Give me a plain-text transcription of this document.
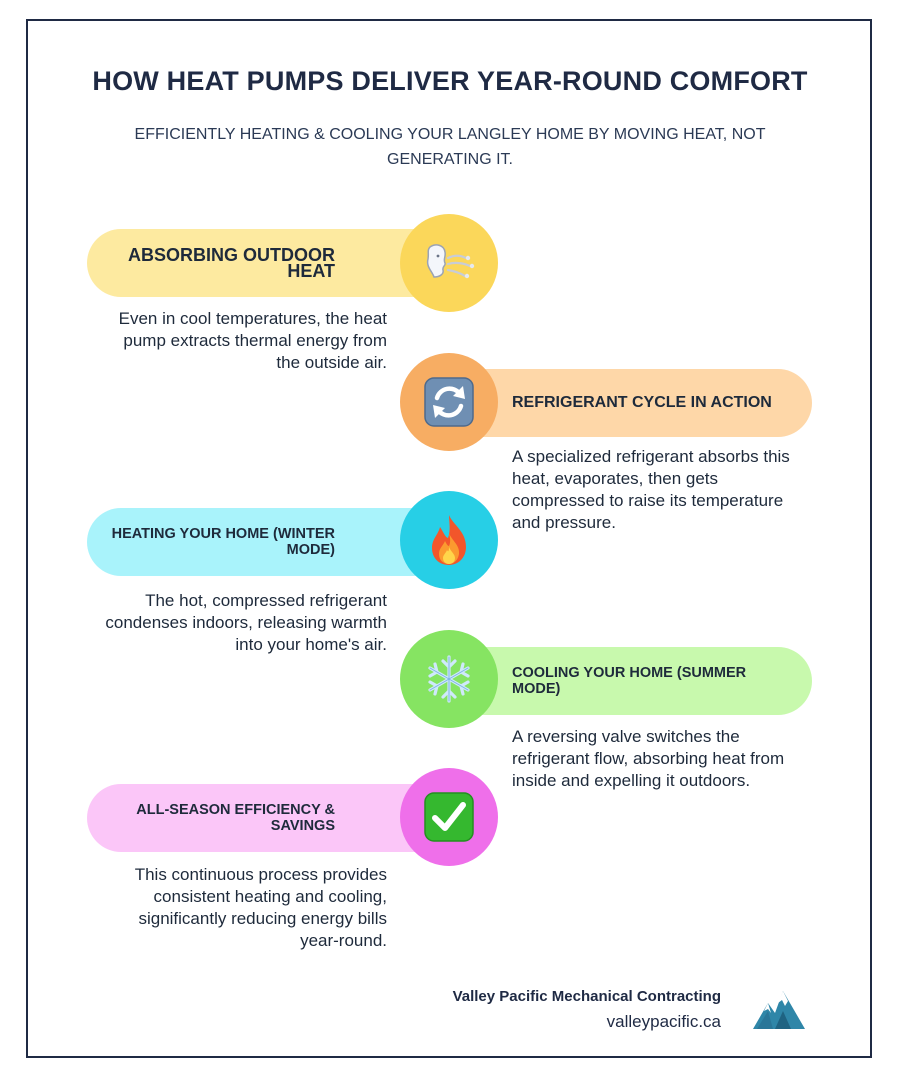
HOW HEAT PUMPS DELIVER YEAR-ROUND COMFORT

EFFICIENTLY HEATING & COOLING YOUR LANGLEY HOME BY MOVING HEAT, NOT GENERATING IT.

ABSORBING OUTDOOR HEAT

Even in cool temperatures, the heat pump extracts thermal energy from the outside air.

REFRIGERANT CYCLE IN ACTION

A specialized refrigerant absorbs this heat, evaporates, then gets compressed to raise its temperature and pressure.

HEATING YOUR HOME (WINTER MODE)

The hot, compressed refrigerant condenses indoors, releasing warmth into your home's air.

COOLING YOUR HOME (SUMMER MODE)

A reversing valve switches the refrigerant flow, absorbing heat from inside and expelling it outdoors.

ALL-SEASON EFFICIENCY & SAVINGS

This continuous process provides consistent heating and cooling, significantly reducing energy bills year-round.

Valley Pacific Mechanical Contracting
valleypacific.ca
